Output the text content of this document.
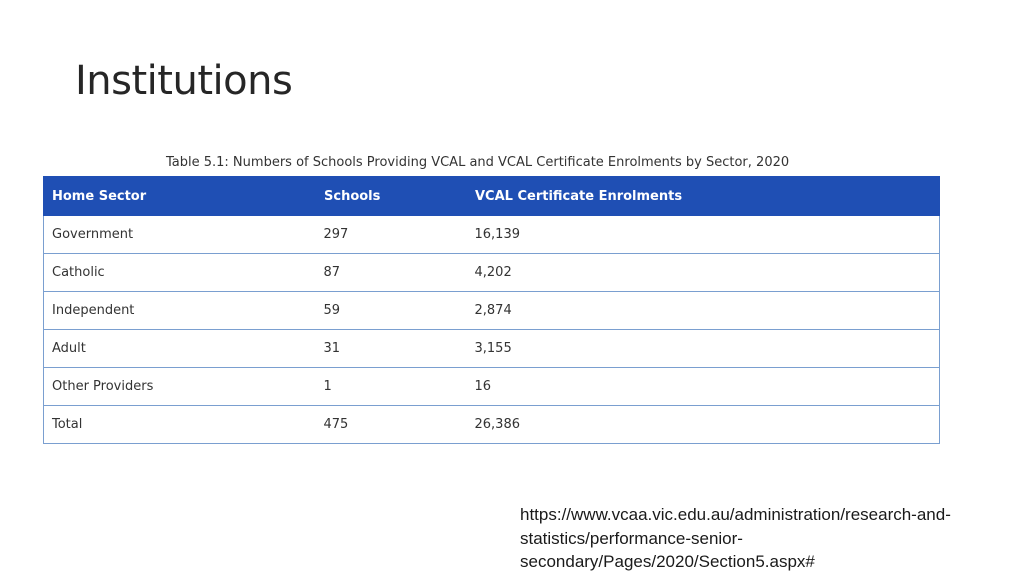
Institutions
Table 5.1: Numbers of Schools Providing VCAL and VCAL Certificate Enrolments by Sector, 2020
Home Sector	Schools	VCAL Certificate Enrolments
Government	297	16,139
Catholic	87	4,202
Independent	59	2,874
Adult	31	3,155
Other Providers	1	16
Total	475	26,386
https://www.vcaa.vic.edu.au/administration/research-and-
statistics/performance-senior-
secondary/Pages/2020/Section5.aspx#
